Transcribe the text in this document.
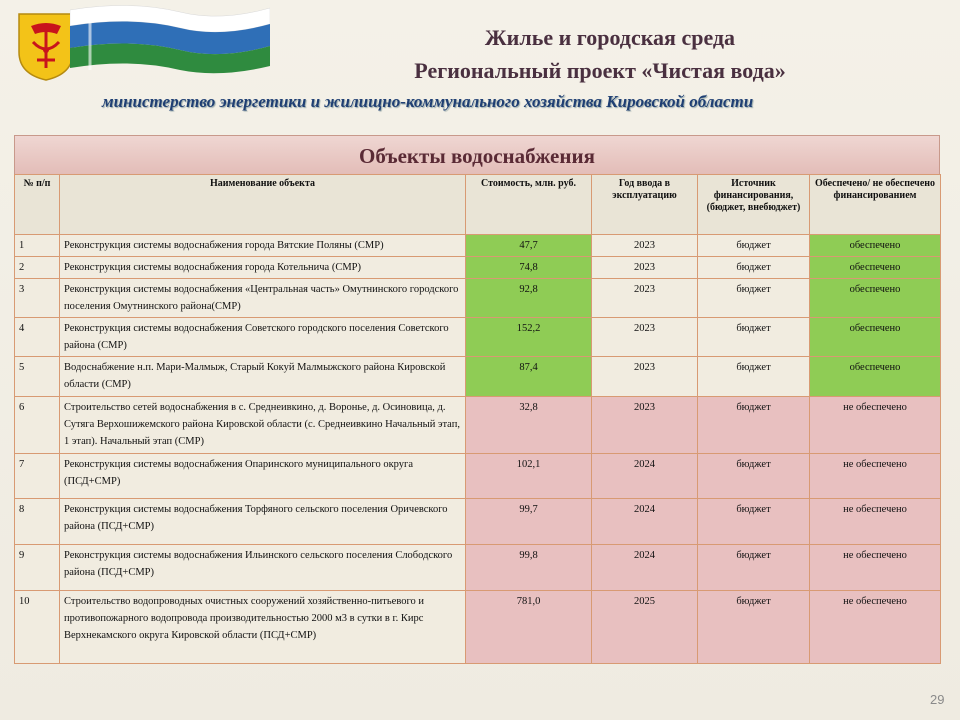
Жилье и городская среда
Региональный проект «Чистая вода»
министерство энергетики и жилищно-коммунального хозяйства Кировской области
Объекты водоснабжения
№ п/п	Наименование объекта	Стоимость, млн. руб.	Год ввода в эксплуатацию	Источник финансирования, (бюджет, внебюджет)	Обеспечено/ не обеспечено финансированием
1	Реконструкция системы водоснабжения города Вятские Поляны (СМР)	47,7	2023	бюджет	обеспечено
2	Реконструкция системы водоснабжения города Котельнича (СМР)	74,8	2023	бюджет	обеспечено
3	Реконструкция системы водоснабжения «Центральная часть» Омутнинского городского поселения Омутнинского района(СМР)	92,8	2023	бюджет	обеспечено
4	Реконструкция системы водоснабжения Советского городского поселения Советского района (СМР)	152,2	2023	бюджет	обеспечено
5	Водоснабжение н.п. Мари-Малмыж, Старый Кокуй Малмыжского района Кировской области (СМР)	87,4	2023	бюджет	обеспечено
6	Строительство сетей водоснабжения в с. Среднеивкино, д. Воронье, д. Осиновица, д. Сутяга Верхошижемского района Кировской области (с. Среднеивкино Начальный этап, 1 этап). Начальный этап (СМР)	32,8	2023	бюджет	не обеспечено
7	Реконструкция системы водоснабжения Опаринского муниципального округа (ПСД+СМР)	102,1	2024	бюджет	не обеспечено
8	Реконструкция системы водоснабжения Торфяного сельского поселения Оричевского района (ПСД+СМР)	99,7	2024	бюджет	не обеспечено
9	Реконструкция системы водоснабжения Ильинского сельского поселения Слободского района (ПСД+СМР)	99,8	2024	бюджет	не обеспечено
10	Строительство водопроводных очистных сооружений хозяйственно-питьевого и противопожарного водопровода производительностью 2000 м3 в сутки в г. Кирс Верхнекамского округа Кировской области (ПСД+СМР)	781,0	2025	бюджет	не обеспечено
29
